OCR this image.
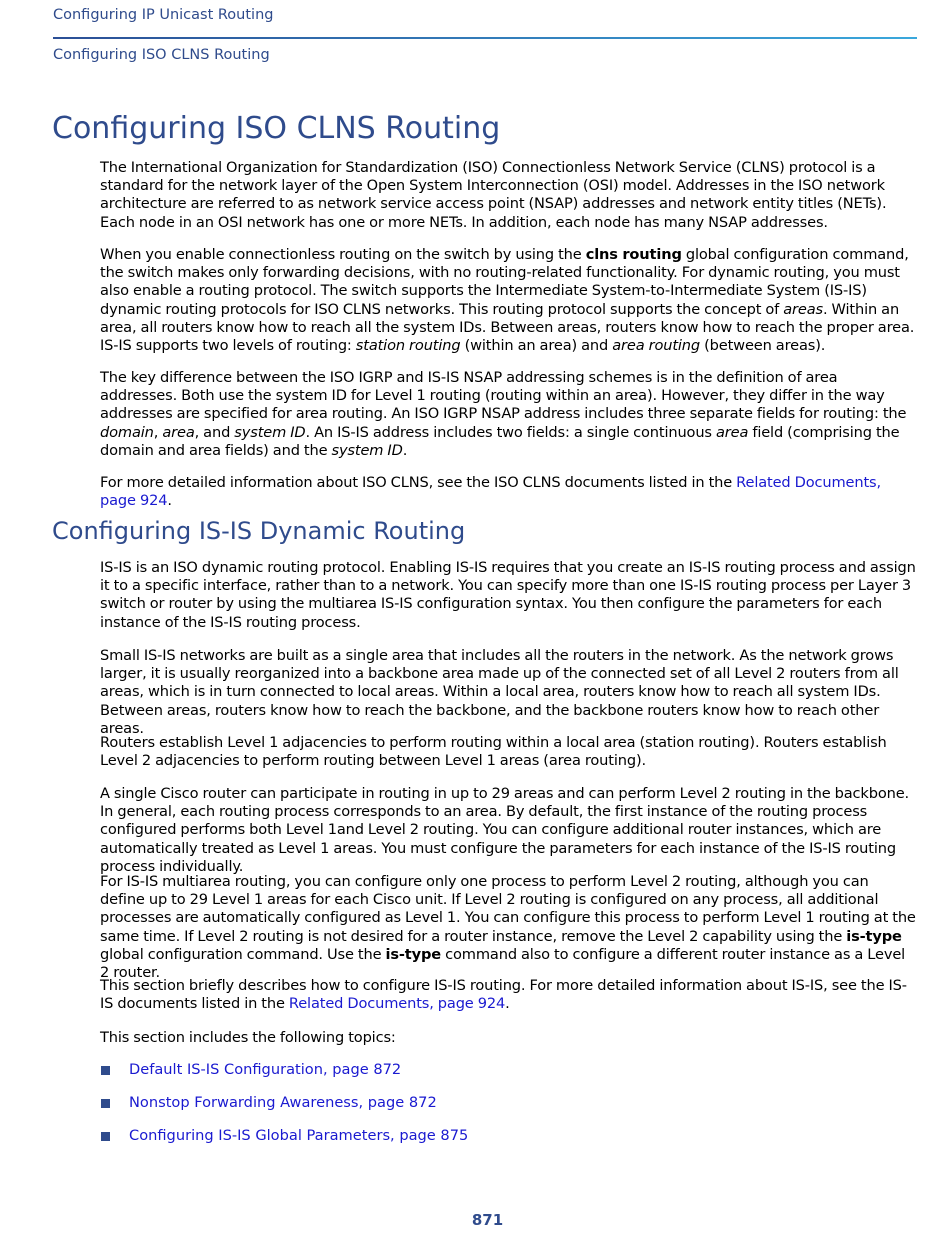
Configuring IP Unicast Routing
Configuring ISO CLNS Routing
Configuring ISO CLNS Routing

The International Organization for Standardization (ISO) Connectionless Network Service (CLNS) protocol is a standard for the network layer of the Open System Interconnection (OSI) model. Addresses in the ISO network architecture are referred to as network service access point (NSAP) addresses and network entity titles (NETs). Each node in an OSI network has one or more NETs. In addition, each node has many NSAP addresses.

When you enable connectionless routing on the switch by using the clns routing global configuration command, the switch makes only forwarding decisions, with no routing-related functionality. For dynamic routing, you must also enable a routing protocol. The switch supports the Intermediate System-to-Intermediate System (IS-IS) dynamic routing protocols for ISO CLNS networks. This routing protocol supports the concept of areas. Within an area, all routers know how to reach all the system IDs. Between areas, routers know how to reach the proper area. IS-IS supports two levels of routing: station routing (within an area) and area routing (between areas).

The key difference between the ISO IGRP and IS-IS NSAP addressing schemes is in the definition of area addresses. Both use the system ID for Level 1 routing (routing within an area). However, they differ in the way addresses are specified for area routing. An ISO IGRP NSAP address includes three separate fields for routing: the domain, area, and system ID. An IS-IS address includes two fields: a single continuous area field (comprising the domain and area fields) and the system ID.

For more detailed information about ISO CLNS, see the ISO CLNS documents listed in the Related Documents, page 924.

Configuring IS-IS Dynamic Routing

IS-IS is an ISO dynamic routing protocol. Enabling IS-IS requires that you create an IS-IS routing process and assign it to a specific interface, rather than to a network. You can specify more than one IS-IS routing process per Layer 3 switch or router by using the multiarea IS-IS configuration syntax. You then configure the parameters for each instance of the IS-IS routing process.

Small IS-IS networks are built as a single area that includes all the routers in the network. As the network grows larger, it is usually reorganized into a backbone area made up of the connected set of all Level 2 routers from all areas, which is in turn connected to local areas. Within a local area, routers know how to reach all system IDs. Between areas, routers know how to reach the backbone, and the backbone routers know how to reach other areas.

Routers establish Level 1 adjacencies to perform routing within a local area (station routing). Routers establish Level 2 adjacencies to perform routing between Level 1 areas (area routing).

A single Cisco router can participate in routing in up to 29 areas and can perform Level 2 routing in the backbone. In general, each routing process corresponds to an area. By default, the first instance of the routing process configured performs both Level 1and Level 2 routing. You can configure additional router instances, which are automatically treated as Level 1 areas. You must configure the parameters for each instance of the IS-IS routing process individually.

For IS-IS multiarea routing, you can configure only one process to perform Level 2 routing, although you can define up to 29 Level 1 areas for each Cisco unit. If Level 2 routing is configured on any process, all additional processes are automatically configured as Level 1. You can configure this process to perform Level 1 routing at the same time. If Level 2 routing is not desired for a router instance, remove the Level 2 capability using the is-type global configuration command. Use the is-type command also to configure a different router instance as a Level 2 router.

This section briefly describes how to configure IS-IS routing. For more detailed information about IS-IS, see the IS-IS documents listed in the Related Documents, page 924.

This section includes the following topics:

Default IS-IS Configuration, page 872
Nonstop Forwarding Awareness, page 872
Configuring IS-IS Global Parameters, page 875
871
